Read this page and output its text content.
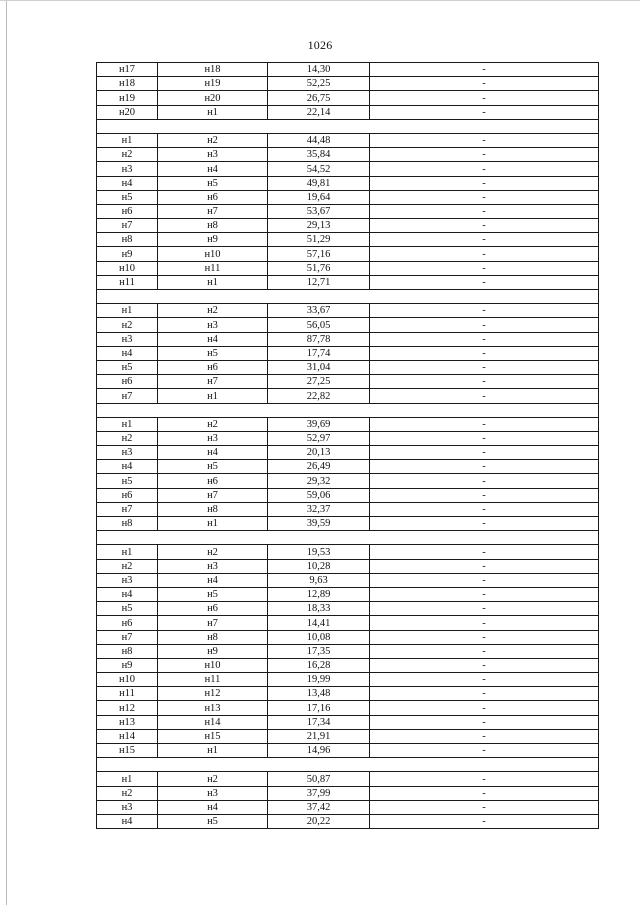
1026
н17	н18	14,30	-
н18	н19	52,25	-
н19	н20	26,75	-
н20	н1	22,14	-

н1	н2	44,48	-
н2	н3	35,84	-
н3	н4	54,52	-
н4	н5	49,81	-
н5	н6	19,64	-
н6	н7	53,67	-
н7	н8	29,13	-
н8	н9	51,29	-
н9	н10	57,16	-
н10	н11	51,76	-
н11	н1	12,71	-

н1	н2	33,67	-
н2	н3	56,05	-
н3	н4	87,78	-
н4	н5	17,74	-
н5	н6	31,04	-
н6	н7	27,25	-
н7	н1	22,82	-

н1	н2	39,69	-
н2	н3	52,97	-
н3	н4	20,13	-
н4	н5	26,49	-
н5	н6	29,32	-
н6	н7	59,06	-
н7	н8	32,37	-
н8	н1	39,59	-

н1	н2	19,53	-
н2	н3	10,28	-
н3	н4	9,63	-
н4	н5	12,89	-
н5	н6	18,33	-
н6	н7	14,41	-
н7	н8	10,08	-
н8	н9	17,35	-
н9	н10	16,28	-
н10	н11	19,99	-
н11	н12	13,48	-
н12	н13	17,16	-
н13	н14	17,34	-
н14	н15	21,91	-
н15	н1	14,96	-

н1	н2	50,87	-
н2	н3	37,99	-
н3	н4	37,42	-
н4	н5	20,22	-
